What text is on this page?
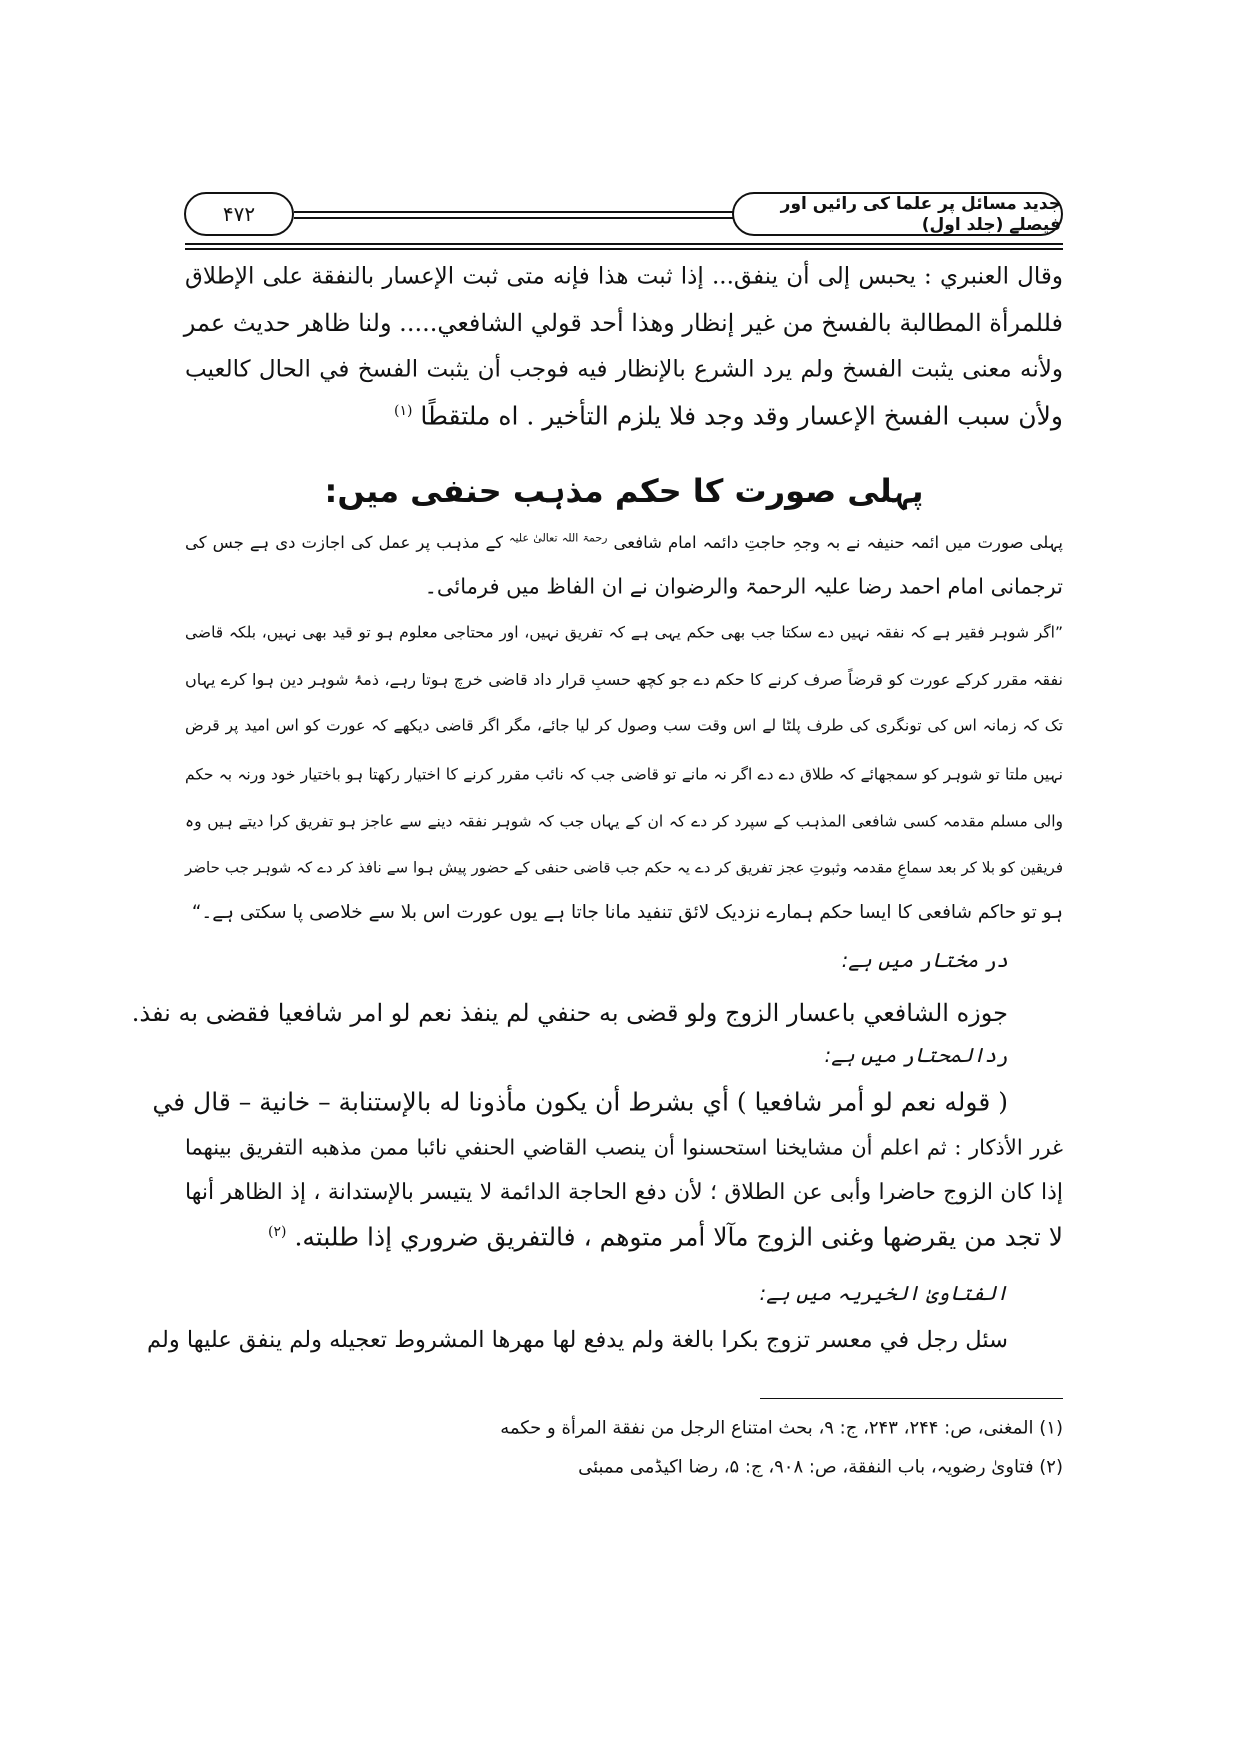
۴۷۲	جدید مسائل پر علما کی رائیں اور فیصلے (جلد اول)
وقال العنبري : يحبس إلى أن ينفق... إذا ثبت هذا فإنه متى ثبت الإعسار بالنفقة على الإطلاق
فللمرأة المطالبة بالفسخ من غير إنظار وهذا أحد قولي الشافعي..... ولنا ظاهر حديث عمر
ولأنه معنى يثبت الفسخ ولم يرد الشرع بالإنظار فيه فوجب أن يثبت الفسخ في الحال كالعيب
ولأن سبب الفسخ الإعسار وقد وجد فلا يلزم التأخير . اه ملتقطًا $^{(۱)}$
پہلی صورت کا حکم مذہب حنفی میں:
پہلی صورت میں ائمہ حنیفہ نے بہ وجہِ حاجتِ دائمہ امام شافعی $^{رحمۃ اللہ تعالیٰ علیہ}$ کے مذہب پر عمل کی اجازت دی ہے جس کی
ترجمانی امام احمد رضا علیہ الرحمۃ والرضوان نے ان الفاظ میں فرمائی۔
”اگر شوہر فقیر ہے کہ نفقہ نہیں دے سکتا جب بھی حکم یہی ہے کہ تفریق نہیں، اور محتاجی معلوم ہو تو قید بھی نہیں، بلکہ قاضی
نفقہ مقرر کرکے عورت کو قرضاً صرف کرنے کا حکم دے جو کچھ حسبِ قرار داد قاضی خرچ ہوتا رہے، ذمۂ شوہر دین ہوا کرے یہاں
تک کہ زمانہ اس کی تونگری کی طرف پلٹا لے اس وقت سب وصول کر لیا جائے، مگر اگر قاضی دیکھے کہ عورت کو اس امید پر قرض
نہیں ملتا تو شوہر کو سمجھائے کہ طلاق دے دے اگر نہ مانے تو قاضی جب کہ نائب مقرر کرنے کا اختیار رکھتا ہو باختیار خود ورنہ بہ حکم
والی مسلم مقدمہ کسی شافعی المذہب کے سپرد کر دے کہ ان کے یہاں جب کہ شوہر نفقہ دینے سے عاجز ہو تفریق کرا دیتے ہیں وہ
فریقین کو بلا کر بعد سماعِ مقدمہ وثبوتِ عجز تفریق کر دے یہ حکم جب قاضی حنفی کے حضور پیش ہوا سے نافذ کر دے کہ شوہر جب حاضر
ہو تو حاکم شافعی کا ایسا حکم ہمارے نزدیک لائق تنفید مانا جاتا ہے یوں عورت اس بلا سے خلاصی پا سکتی ہے۔“
در مختار میں ہے:
جوزه الشافعي باعسار الزوج ولو قضى به حنفي لم ينفذ نعم لو امر شافعيا فقضى به نفذ.
ردالمحتار میں ہے:
( قوله نعم لو أمر شافعيا ) أي بشرط أن يكون مأذونا له بالإستنابة – خانية – قال في
غرر الأذكار : ثم اعلم أن مشايخنا استحسنوا أن ينصب القاضي الحنفي نائبا ممن مذهبه التفريق بينهما
إذا كان الزوج حاضرا وأبى عن الطلاق ؛ لأن دفع الحاجة الدائمة لا يتيسر بالإستدانة ، إذ الظاهر أنها
لا تجد من يقرضها وغنى الزوج مآلا أمر متوهم ، فالتفريق ضروري إذا طلبته. $^{(۲)}$
الفتاویٰ الخیریہ میں ہے:
سئل رجل في معسر تزوج بكرا بالغة ولم يدفع لها مهرها المشروط تعجيله ولم ينفق عليها ولم
(۱) المغنی، ص: ۲۴۴، ۲۴۳، ج: ۹، بحث امتناع الرجل من نفقة المرأة و حكمه
(۲) فتاویٰ رضویہ، باب النفقة، ص: ۹۰۸، ج: ۵، رضا اکیڈمی ممبئی
